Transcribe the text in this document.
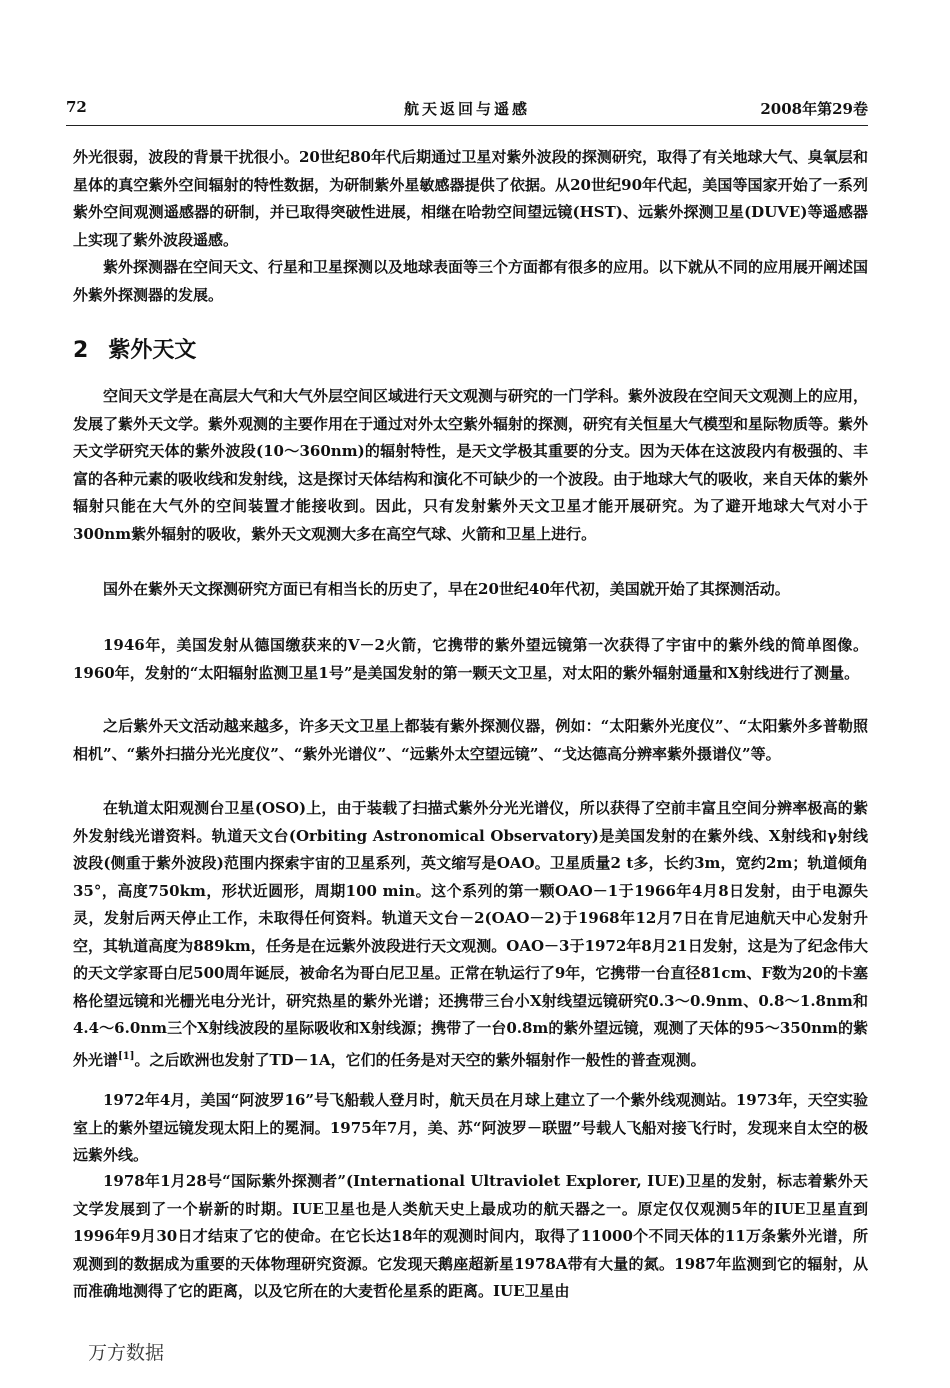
72	航天返回与遥感	2008年第29卷

外光很弱，波段的背景干扰很小。20世纪80年代后期通过卫星对紫外波段的探测研究，取得了有关地球大气、臭氧层和星体的真空紫外空间辐射的特性数据，为研制紫外星敏感器提供了依据。从20世纪90年代起，美国等国家开始了一系列紫外空间观测遥感器的研制，并已取得突破性进展，相继在哈勃空间望远镜(HST)、远紫外探测卫星(DUVE)等遥感器上实现了紫外波段遥感。

紫外探测器在空间天文、行星和卫星探测以及地球表面等三个方面都有很多的应用。以下就从不同的应用展开阐述国外紫外探测器的发展。

2 紫外天文

空间天文学是在高层大气和大气外层空间区域进行天文观测与研究的一门学科。紫外波段在空间天文观测上的应用，发展了紫外天文学。紫外观测的主要作用在于通过对外太空紫外辐射的探测，研究有关恒星大气模型和星际物质等。紫外天文学研究天体的紫外波段(10～360nm)的辐射特性，是天文学极其重要的分支。因为天体在这波段内有极强的、丰富的各种元素的吸收线和发射线，这是探讨天体结构和演化不可缺少的一个波段。由于地球大气的吸收，来自天体的紫外辐射只能在大气外的空间装置才能接收到。因此，只有发射紫外天文卫星才能开展研究。为了避开地球大气对小于300nm紫外辐射的吸收，紫外天文观测大多在高空气球、火箭和卫星上进行。

国外在紫外天文探测研究方面已有相当长的历史了，早在20世纪40年代初，美国就开始了其探测活动。

1946年，美国发射从德国缴获来的V－2火箭，它携带的紫外望远镜第一次获得了宇宙中的紫外线的简单图像。1960年，发射的“太阳辐射监测卫星1号”是美国发射的第一颗天文卫星，对太阳的紫外辐射通量和X射线进行了测量。

之后紫外天文活动越来越多，许多天文卫星上都装有紫外探测仪器，例如：“太阳紫外光度仪”、“太阳紫外多普勒照相机”、“紫外扫描分光光度仪”、“紫外光谱仪”、“远紫外太空望远镜”、“戈达德高分辨率紫外摄谱仪”等。

在轨道太阳观测台卫星(OSO)上，由于装载了扫描式紫外分光光谱仪，所以获得了空前丰富且空间分辨率极高的紫外发射线光谱资料。轨道天文台(Orbiting Astronomical Observatory)是美国发射的在紫外线、X射线和γ射线波段(侧重于紫外波段)范围内探索宇宙的卫星系列，英文缩写是OAO。卫星质量2 t多，长约3m，宽约2m；轨道倾角35°，高度750km，形状近圆形，周期100 min。这个系列的第一颗OAO－1于1966年4月8日发射，由于电源失灵，发射后两天停止工作，未取得任何资料。轨道天文台－2(OAO－2)于1968年12月7日在肯尼迪航天中心发射升空，其轨道高度为889km，任务是在远紫外波段进行天文观测。OAO－3于1972年8月21日发射，这是为了纪念伟大的天文学家哥白尼500周年诞辰，被命名为哥白尼卫星。正常在轨运行了9年，它携带一台直径81cm、F数为20的卡塞格伦望远镜和光栅光电分光计，研究热星的紫外光谱；还携带三台小X射线望远镜研究0.3～0.9nm、0.8～1.8nm和4.4～6.0nm三个X射线波段的星际吸收和X射线源；携带了一台0.8m的紫外望远镜，观测了天体的95～350nm的紫外光谱[1]。之后欧洲也发射了TD－1A，它们的任务是对天空的紫外辐射作一般性的普查观测。

1972年4月，美国“阿波罗16”号飞船载人登月时，航天员在月球上建立了一个紫外线观测站。1973年，天空实验室上的紫外望远镜发现太阳上的冕洞。1975年7月，美、苏“阿波罗－联盟”号载人飞船对接飞行时，发现来自太空的极远紫外线。

1978年1月28号“国际紫外探测者”(International Ultraviolet Explorer, IUE)卫星的发射，标志着紫外天文学发展到了一个崭新的时期。IUE卫星也是人类航天史上最成功的航天器之一。原定仅仅观测5年的IUE卫星直到1996年9月30日才结束了它的使命。在它长达18年的观测时间内，取得了11000个不同天体的11万条紫外光谱，所观测到的数据成为重要的天体物理研究资源。它发现天鹅座超新星1978A带有大量的氮。1987年监测到它的辐射，从而准确地测得了它的距离，以及它所在的大麦哲伦星系的距离。IUE卫星由

万方数据
